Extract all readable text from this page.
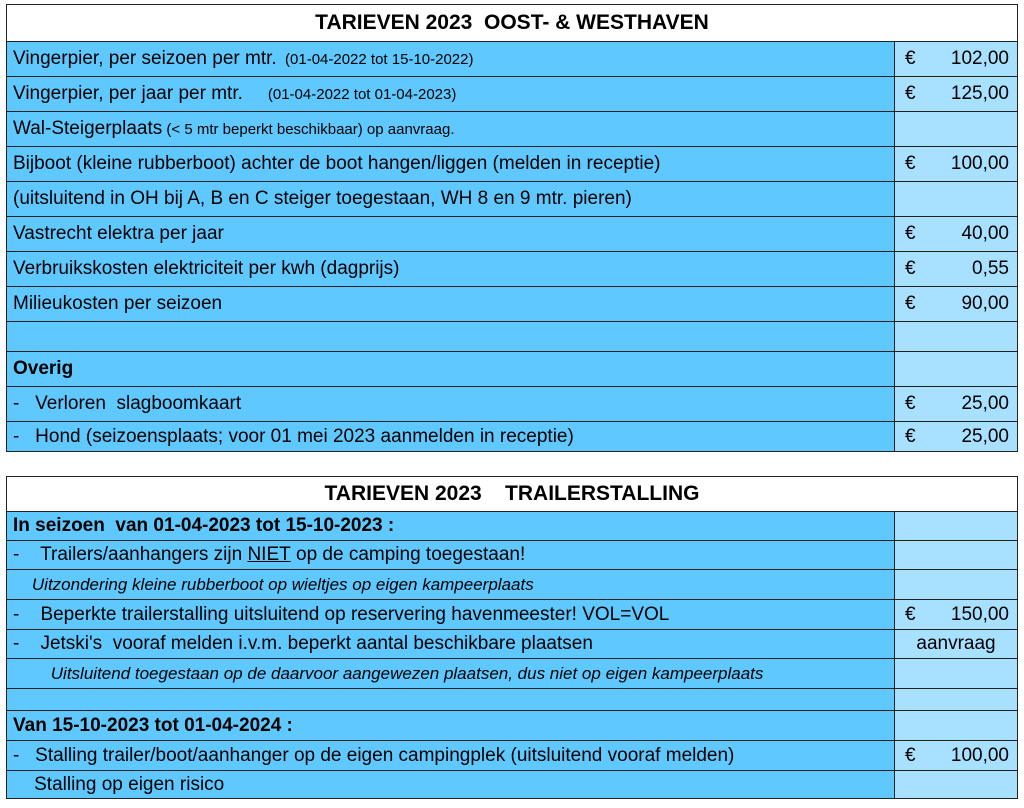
TARIEVEN 2023  OOST- & WESTHAVEN
Vingerpier, per seizoen per mtr. (01-04-2022 tot 15-10-2022)	€	102,00
Vingerpier, per jaar per mtr. (01-04-2022 tot 01-04-2023)	€	125,00
Wal-Steigerplaats (< 5 mtr beperkt beschikbaar) op aanvraag.
Bijboot (kleine rubberboot) achter de boot hangen/liggen (melden in receptie)	€	100,00
(uitsluitend in OH bij A, B en C steiger toegestaan, WH 8 en 9 mtr. pieren)
Vastrecht elektra per jaar	€	40,00
Verbruikskosten elektriciteit per kwh (dagprijs)	€	0,55
Milieukosten per seizoen	€	90,00
Overig
-   Verloren  slagboomkaart	€	25,00
-   Hond (seizoensplaats; voor 01 mei 2023 aanmelden in receptie)	€	25,00
TARIEVEN 2023    TRAILERSTALLING
In seizoen  van 01-04-2023 tot 15-10-2023 :
-    Trailers/aanhangers zijn NIET op de camping toegestaan!
Uitzondering kleine rubberboot op wieltjes op eigen kampeerplaats
-    Beperkte trailerstalling uitsluitend op reservering havenmeester! VOL=VOL	€	150,00
-    Jetski's  vooraf melden i.v.m. beperkt aantal beschikbare plaatsen	aanvraag
Uitsluitend toegestaan op de daarvoor aangewezen plaatsen, dus niet op eigen kampeerplaats
Van 15-10-2023 tot 01-04-2024 :
-   Stalling trailer/boot/aanhanger op de eigen campingplek (uitsluitend vooraf melden)	€	100,00
Stalling op eigen risico
